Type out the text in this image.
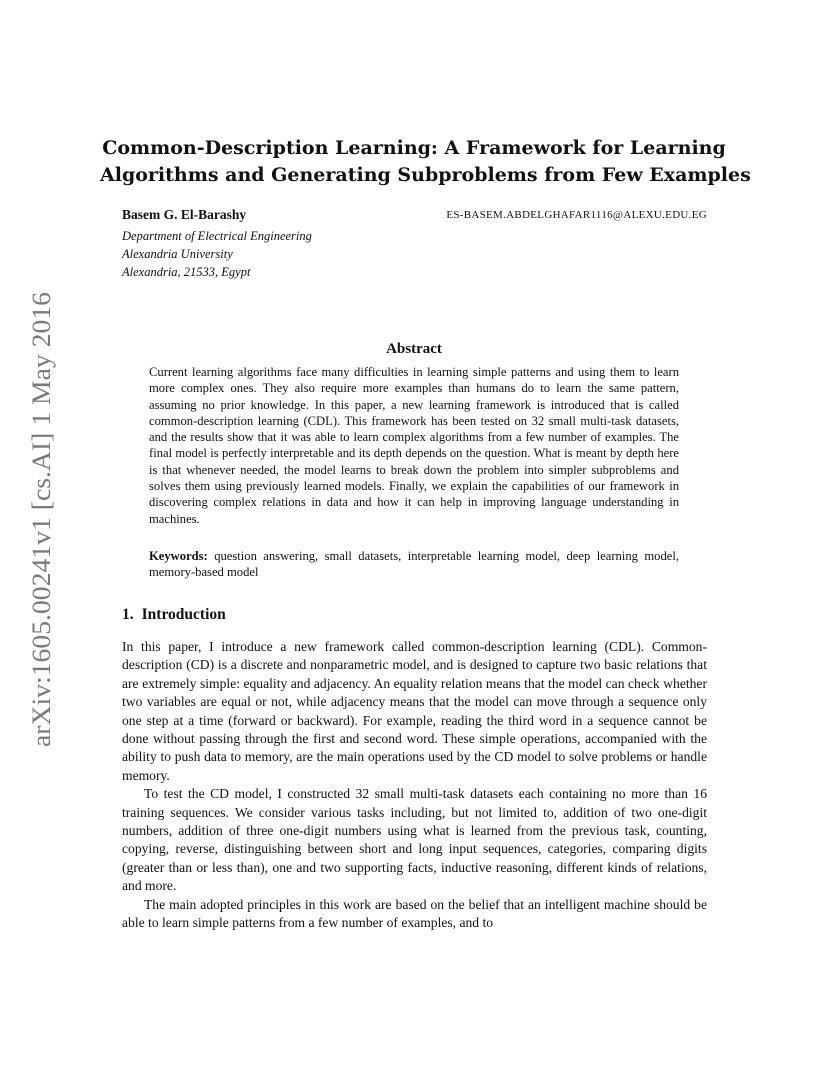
arXiv:1605.00241v1 [cs.AI] 1 May 2016
Common-Description Learning: A Framework for Learning
Algorithms and Generating Subproblems from Few Examples
Basem G. El-Barashy	ES-BASEM.ABDELGHAFAR1116@ALEXU.EDU.EG
Department of Electrical Engineering
Alexandria University
Alexandria, 21533, Egypt
Abstract
Current learning algorithms face many difficulties in learning simple patterns and using them to learn more complex ones. They also require more examples than humans do to learn the same pattern, assuming no prior knowledge. In this paper, a new learning framework is introduced that is called common-description learning (CDL). This framework has been tested on 32 small multi-task datasets, and the results show that it was able to learn complex algorithms from a few number of examples. The final model is perfectly interpretable and its depth depends on the question. What is meant by depth here is that whenever needed, the model learns to break down the problem into simpler subproblems and solves them using previously learned models. Finally, we explain the capabilities of our framework in discovering complex relations in data and how it can help in improving language understanding in machines.
Keywords: question answering, small datasets, interpretable learning model, deep learning model, memory-based model
1. Introduction

In this paper, I introduce a new framework called common-description learning (CDL). Common-description (CD) is a discrete and nonparametric model, and is designed to capture two basic relations that are extremely simple: equality and adjacency. An equality relation means that the model can check whether two variables are equal or not, while adjacency means that the model can move through a sequence only one step at a time (forward or backward). For example, reading the third word in a sequence cannot be done without passing through the first and second word. These simple operations, accompanied with the ability to push data to memory, are the main operations used by the CD model to solve problems or handle memory.

To test the CD model, I constructed 32 small multi-task datasets each containing no more than 16 training sequences. We consider various tasks including, but not limited to, addition of two one-digit numbers, addition of three one-digit numbers using what is learned from the previous task, counting, copying, reverse, distinguishing between short and long input sequences, categories, comparing digits (greater than or less than), one and two supporting facts, inductive reasoning, different kinds of relations, and more.

The main adopted principles in this work are based on the belief that an intelligent machine should be able to learn simple patterns from a few number of examples, and to
